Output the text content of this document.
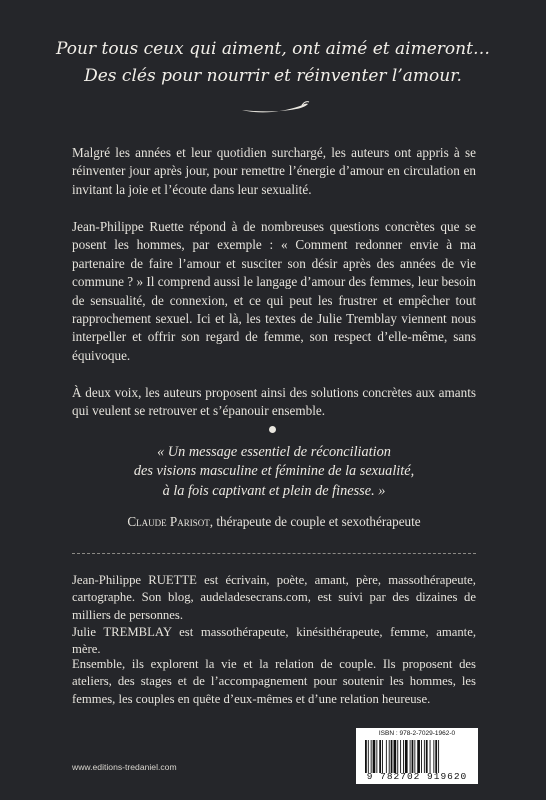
Pour tous ceux qui aiment, ont aimé et aimeront…
Des clés pour nourrir et réinventer l’amour.
Malgré les années et leur quotidien surchargé, les auteurs ont appris à se réinventer jour après jour, pour remettre l’énergie d’amour en circulation en invitant la joie et l’écoute dans leur sexualité.
Jean-Philippe Ruette répond à de nombreuses questions concrètes que se posent les hommes, par exemple : « Comment redonner envie à ma partenaire de faire l’amour et susciter son désir après des années de vie commune ? » Il comprend aussi le langage d’amour des femmes, leur besoin de sensualité, de connexion, et ce qui peut les frustrer et empêcher tout rapprochement sexuel. Ici et là, les textes de Julie Tremblay viennent nous interpeller et offrir son regard de femme, son respect d’elle-même, sans équivoque.
À deux voix, les auteurs proposent ainsi des solutions concrètes aux amants qui veulent se retrouver et s’épanouir ensemble.
« Un message essentiel de réconciliation
des visions masculine et féminine de la sexualité,
à la fois captivant et plein de finesse. »
Claude Parisot, thérapeute de couple et sexothérapeute
Jean-Philippe RUETTE est écrivain, poète, amant, père, massothérapeute, cartographe. Son blog, audeladesecrans.com, est suivi par des dizaines de milliers de personnes.
Julie TREMBLAY est massothérapeute, kinésithérapeute, femme, amante, mère.
Ensemble, ils explorent la vie et la relation de couple. Ils proposent des ateliers, des stages et de l’accompagnement pour soutenir les hommes, les femmes, les couples en quête d’eux-mêmes et d’une relation heureuse.
ISBN : 978-2-7029-1962-0
9 782702 919620
www.editions-tredaniel.com
